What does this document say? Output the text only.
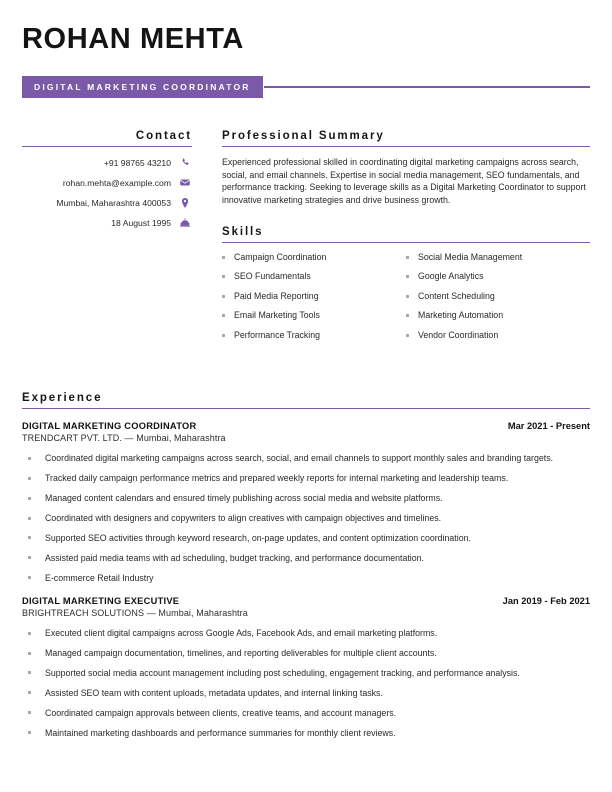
ROHAN MEHTA
DIGITAL MARKETING COORDINATOR
Contact
+91 98765 43210
rohan.mehta@example.com
Mumbai, Maharashtra 400053
18 August 1995
Professional Summary
Experienced professional skilled in coordinating digital marketing campaigns across search, social, and email channels. Expertise in social media management, SEO fundamentals, and performance tracking. Seeking to leverage skills as a Digital Marketing Coordinator to support innovative marketing strategies and drive business growth.
Skills
Campaign Coordination
SEO Fundamentals
Paid Media Reporting
Email Marketing Tools
Performance Tracking
Social Media Management
Google Analytics
Content Scheduling
Marketing Automation
Vendor Coordination
Experience
DIGITAL MARKETING COORDINATOR	Mar 2021 - Present
TRENDCART PVT. LTD. — Mumbai, Maharashtra
Coordinated digital marketing campaigns across search, social, and email channels to support monthly sales and branding targets.
Tracked daily campaign performance metrics and prepared weekly reports for internal marketing and leadership teams.
Managed content calendars and ensured timely publishing across social media and website platforms.
Coordinated with designers and copywriters to align creatives with campaign objectives and timelines.
Supported SEO activities through keyword research, on-page updates, and content optimization coordination.
Assisted paid media teams with ad scheduling, budget tracking, and performance documentation.
E-commerce Retail Industry
DIGITAL MARKETING EXECUTIVE	Jan 2019 - Feb 2021
BRIGHTREACH SOLUTIONS — Mumbai, Maharashtra
Executed client digital campaigns across Google Ads, Facebook Ads, and email marketing platforms.
Managed campaign documentation, timelines, and reporting deliverables for multiple client accounts.
Supported social media account management including post scheduling, engagement tracking, and performance analysis.
Assisted SEO team with content uploads, metadata updates, and internal linking tasks.
Coordinated campaign approvals between clients, creative teams, and account managers.
Maintained marketing dashboards and performance summaries for monthly client reviews.
